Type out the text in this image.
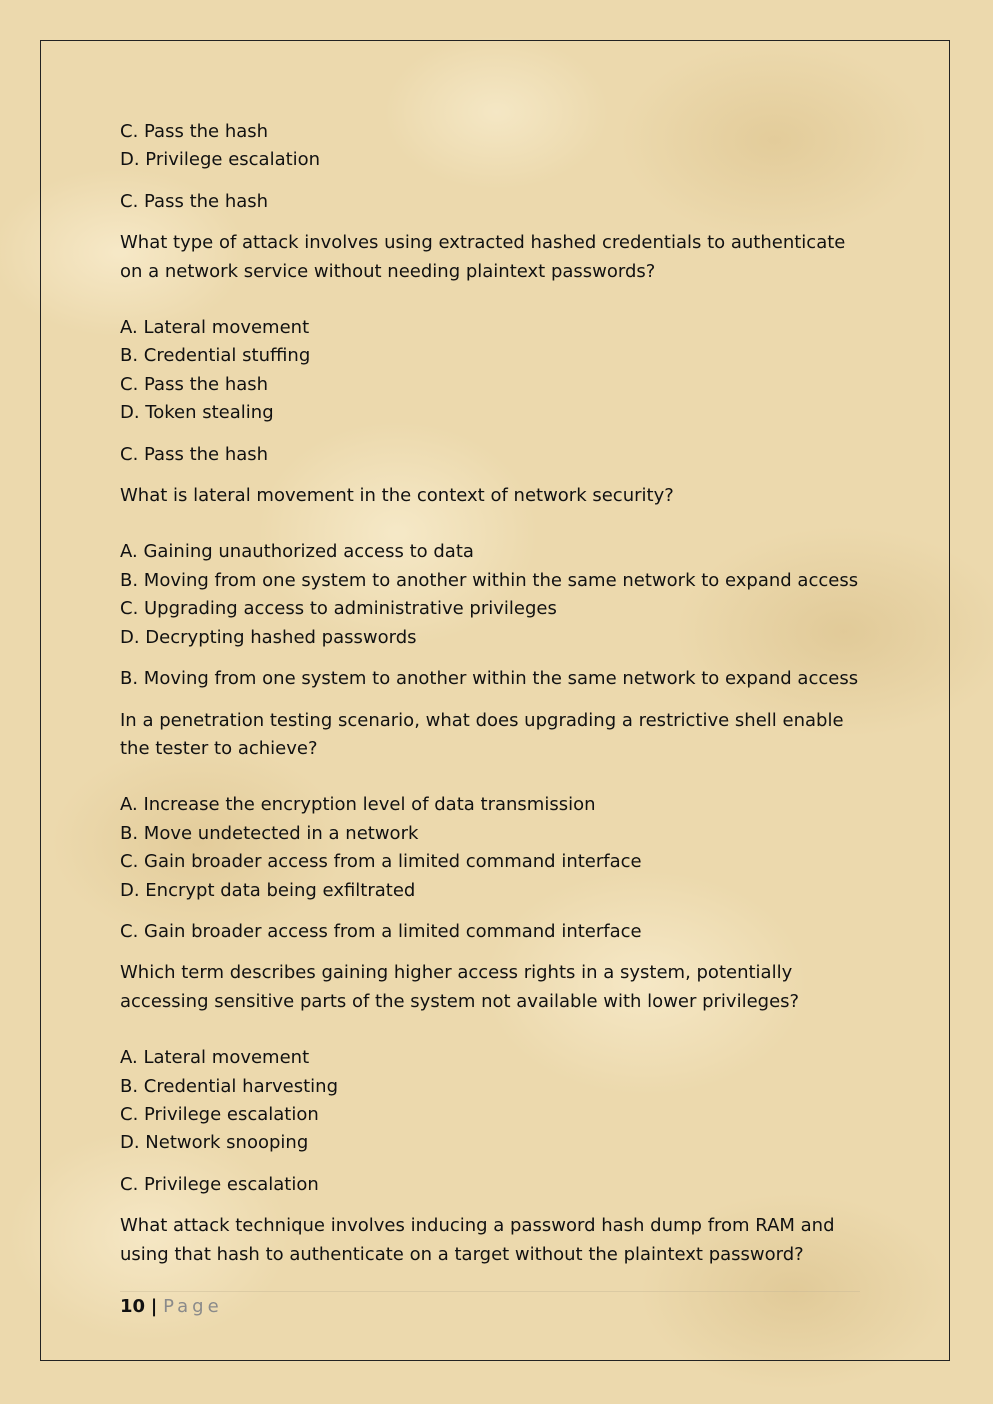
C. Pass the hash

D. Privilege escalation

C. Pass the hash

What type of attack involves using extracted hashed credentials to authenticate on a network service without needing plaintext passwords?

A. Lateral movement

B. Credential stuffing

C. Pass the hash

D. Token stealing

C. Pass the hash

What is lateral movement in the context of network security?

A. Gaining unauthorized access to data

B. Moving from one system to another within the same network to expand access

C. Upgrading access to administrative privileges

D. Decrypting hashed passwords

B. Moving from one system to another within the same network to expand access

In a penetration testing scenario, what does upgrading a restrictive shell enable the tester to achieve?

A. Increase the encryption level of data transmission

B. Move undetected in a network

C. Gain broader access from a limited command interface

D. Encrypt data being exfiltrated

C. Gain broader access from a limited command interface

Which term describes gaining higher access rights in a system, potentially accessing sensitive parts of the system not available with lower privileges?

A. Lateral movement

B. Credential harvesting

C. Privilege escalation

D. Network snooping

C. Privilege escalation

What attack technique involves inducing a password hash dump from RAM and using that hash to authenticate on a target without the plaintext password?

10 | Page
